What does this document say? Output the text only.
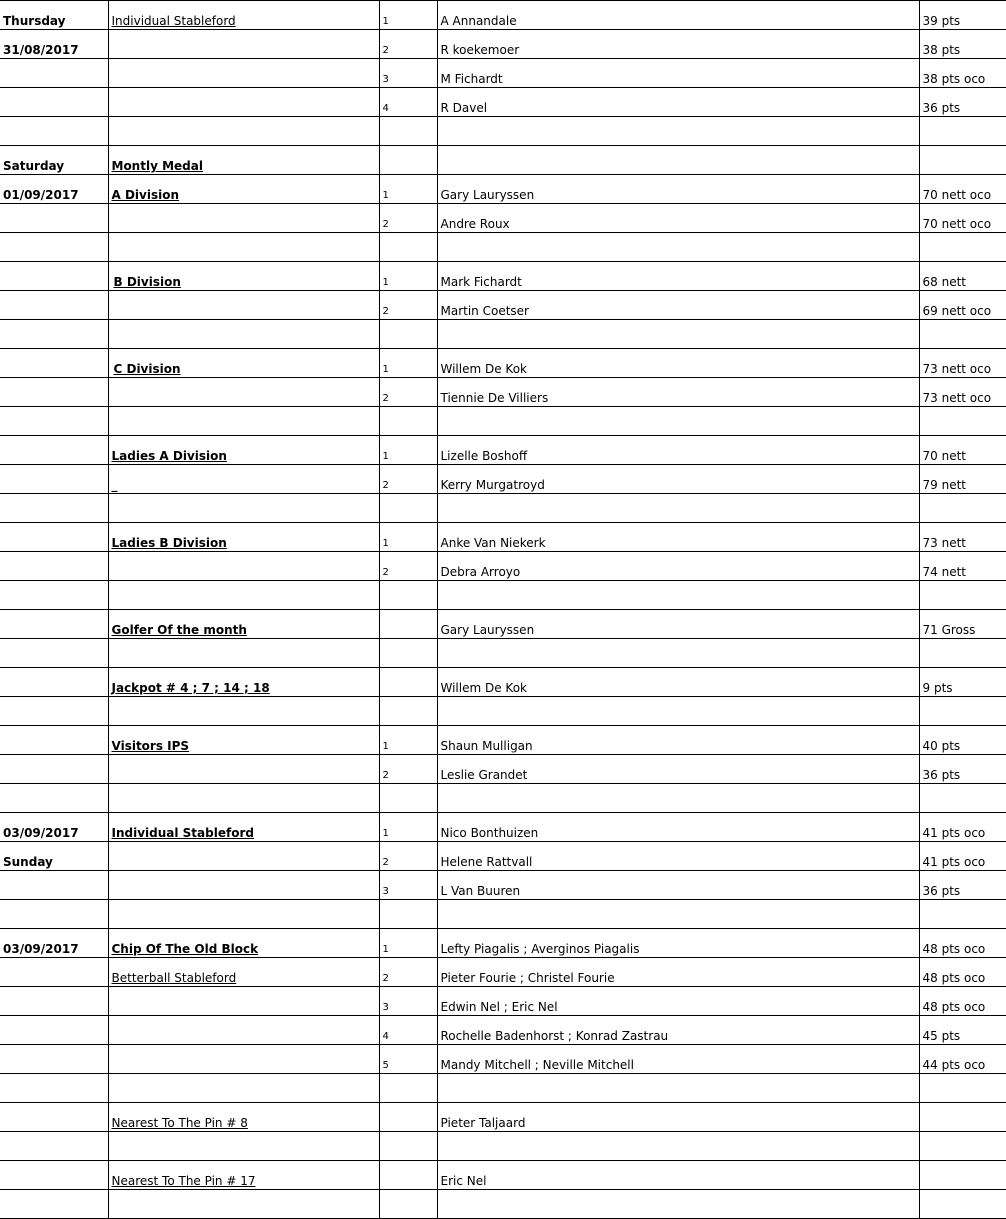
Thursday	Individual Stableford	1	A Annandale	39 pts
31/08/2017		2	R koekemoer	38 pts
		3	M Fichardt	38 pts oco
		4	R Davel	36 pts

Saturday	Montly Medal			
01/09/2017	A Division	1	Gary Lauryssen	70 nett oco
		2	Andre Roux	70 nett oco

	B Division	1	Mark Fichardt	68 nett
		2	Martin Coetser	69 nett oco

	C Division	1	Willem De Kok	73 nett oco
		2	Tiennie De Villiers	73 nett oco

	Ladies A Division	1	Lizelle Boshoff	70 nett
	_	2	Kerry Murgatroyd	79 nett

	Ladies B Division	1	Anke Van Niekerk	73 nett
		2	Debra Arroyo	74 nett

	Golfer Of the month		Gary Lauryssen	71 Gross

	Jackpot # 4 ; 7 ; 14 ; 18		Willem De Kok	9 pts

	Visitors IPS	1	Shaun Mulligan	40 pts
		2	Leslie Grandet	36 pts

03/09/2017	Individual Stableford	1	Nico Bonthuizen	41 pts oco
Sunday		2	Helene Rattvall	41 pts oco
		3	L Van Buuren	36 pts

03/09/2017	Chip Of The Old Block	1	Lefty Piagalis ; Averginos Piagalis	48 pts oco
	Betterball Stableford	2	Pieter Fourie ; Christel Fourie	48 pts oco
		3	Edwin Nel ; Eric Nel	48 pts oco
		4	Rochelle Badenhorst ; Konrad Zastrau	45 pts
		5	Mandy Mitchell ; Neville Mitchell	44 pts oco

	Nearest To The Pin # 8		Pieter Taljaard	

	Nearest To The Pin # 17		Eric Nel	
